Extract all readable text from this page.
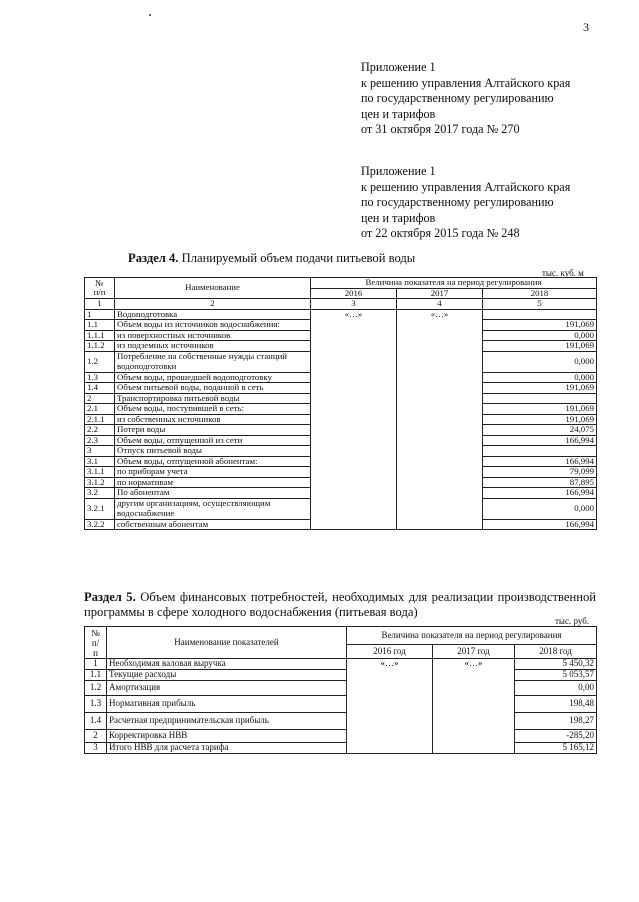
3
Приложение 1
к решению управления Алтайского края
по государственному регулированию
цен и тарифов
от 31 октября 2017 года № 270
Приложение 1
к решению управления Алтайского края
по государственному регулированию
цен и тарифов
от 22 октября 2015 года № 248
Раздел 4. Планируемый объем подачи питьевой воды
тыс. куб. м
№
п/п	Наименование	Величина показателя на период регулирования		
		2016	2017	2018
1	2	3	4	5
1	Водоподготовка	«…»	«…»	
1.1	Объем воды из источников водоснабжения:			191,069
1.1.1	из поверхностных источников			0,000
1.1.2	из подземных источников			191,069
1.2	Потребление на собственные нужды станций водоподготовки			0,000
1.3	Объем воды, прошедшей водоподготовку			0,000
1.4	Объем питьевой воды, поданной в сеть			191,069
2	Транспортировка питьевой воды			
2.1	Объем воды, поступившей в сеть:			191,069
2.1.1	из собственных источников			191,069
2.2	Потери воды			24,075
2.3	Объем воды, отпущенной из сети			166,994
3	Отпуск питьевой воды			
3.1	Объем воды, отпущенной абонентам:			166,994
3.1.1	по приборам учета			79,099
3.1.2	по нормативам			87,895
3.2	По абонентам			166,994
3.2.1	другим организациям, осуществляющим водоснабжение			0,000
3.2.2	собственным абонентам			166,994
Раздел 5. Объем финансовых потребностей, необходимых для реализации производственной программы в сфере холодного водоснабжения (питьевая вода)
тыс. руб.
№
п/
п	Наименование показателей	Величина показателя на период регулирования		
		2016 год	2017 год	2018 год
1	Необходимая валовая выручка	«…»	«…»	5 450,32
1.1	Текущие расходы			5 053,57
1.2	Амортизация			0,00
1.3	Нормативная прибыль			198,48
1.4	Расчетная предпринимательская прибыль			198,27
2	Корректировка НВВ			-285,20
3	Итого НВВ для расчета тарифа			5 165,12
